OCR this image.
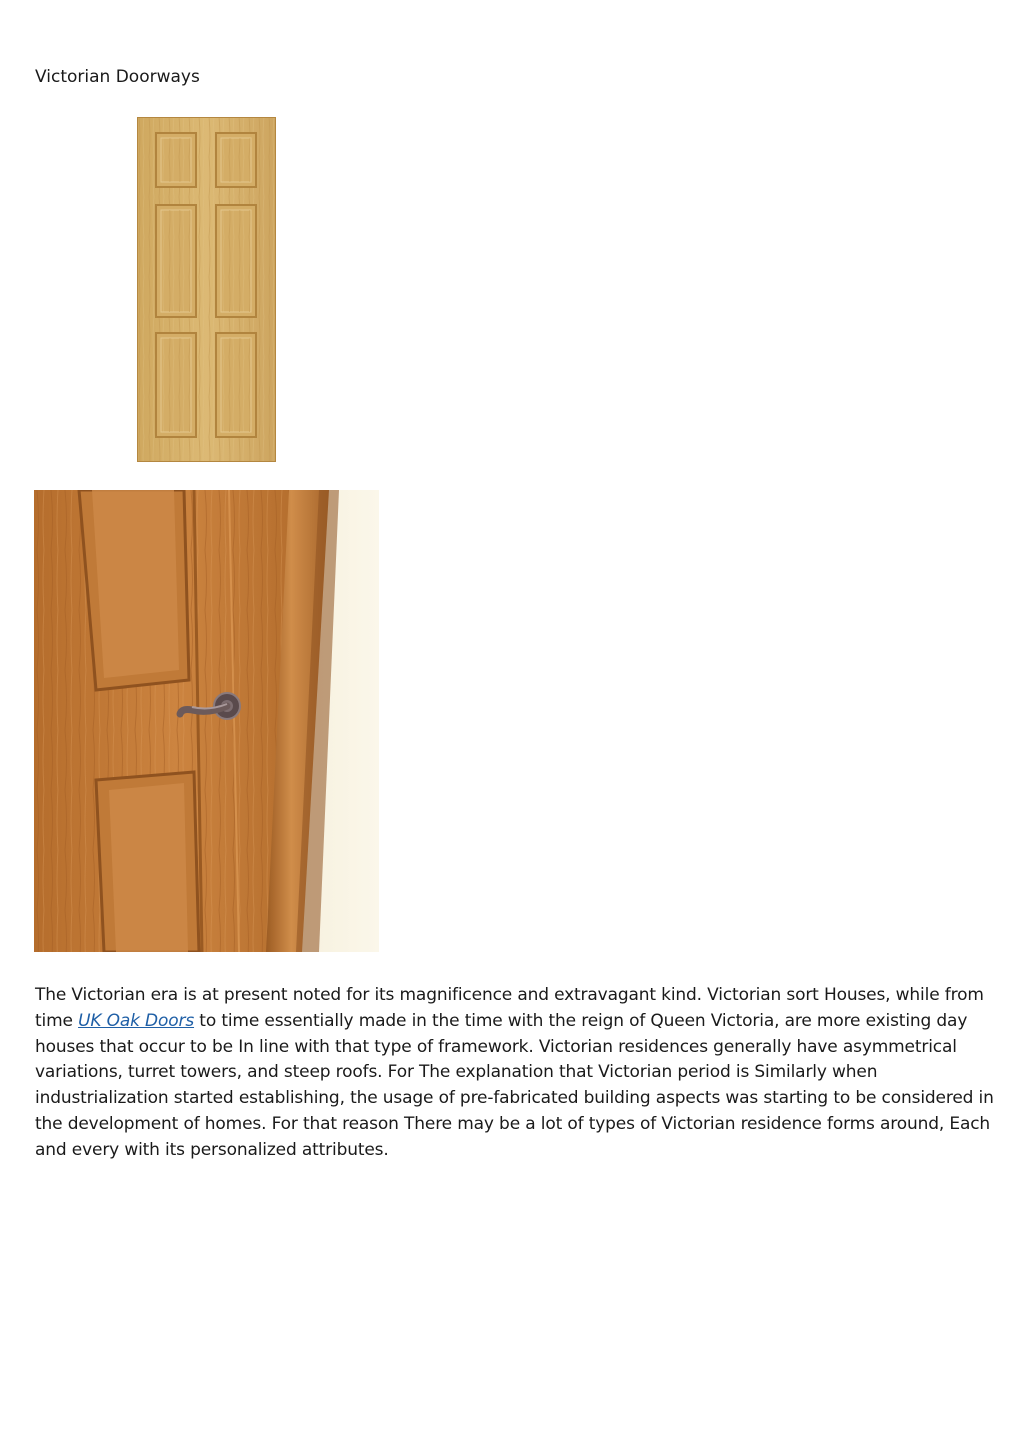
Victorian Doorways

The Victorian era is at present noted for its magnificence and extravagant kind. Victorian sort Houses, while from time UK Oak Doors to time essentially made in the time with the reign of Queen Victoria, are more existing day houses that occur to be In line with that type of framework. Victorian residences generally have asymmetrical variations, turret towers, and steep roofs. For The explanation that Victorian period is Similarly when industrialization started establishing, the usage of pre-fabricated building aspects was starting to be considered in the development of homes. For that reason There may be a lot of types of Victorian residence forms around, Each and every with its personalized attributes.
